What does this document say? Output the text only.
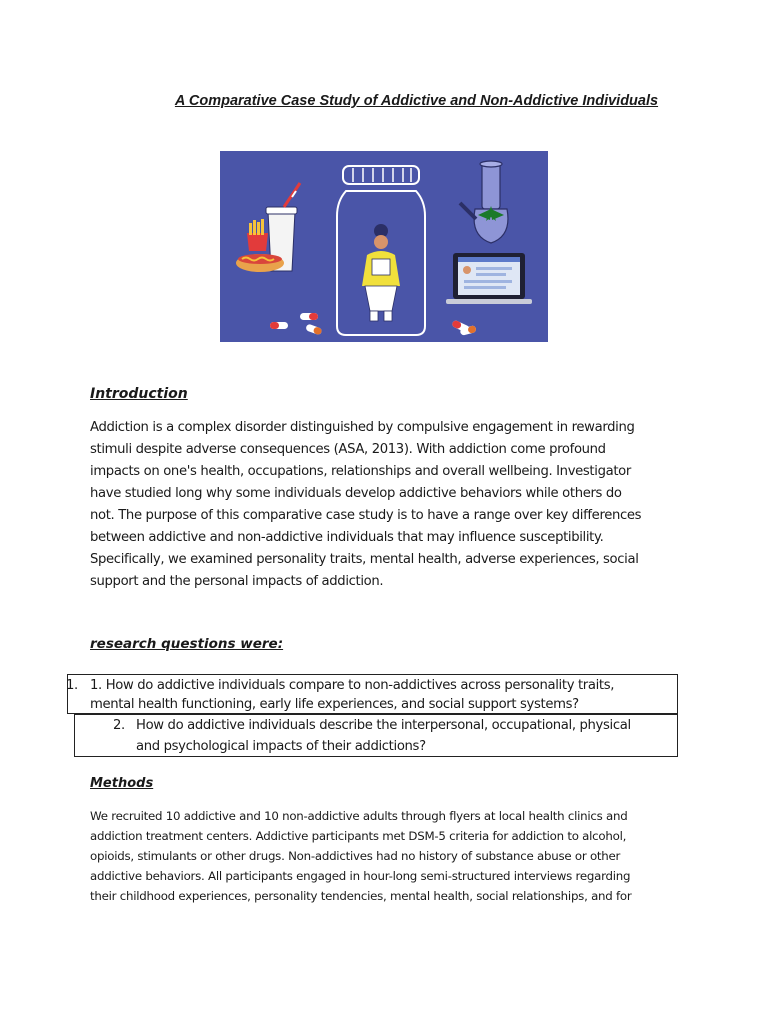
A Comparative Case Study of Addictive and Non-Addictive Individuals
Introduction
Addiction is a complex disorder distinguished by compulsive engagement in rewarding
stimuli despite adverse consequences (ASA, 2013). With addiction come profound
impacts on one's health, occupations, relationships and overall wellbeing. Investigator
have studied long why some individuals develop addictive behaviors while others do
not. The purpose of this comparative case study is to have a range over key differences
between addictive and non-addictive individuals that may influence susceptibility.
Specifically, we examined personality traits, mental health, adverse experiences, social
support and the personal impacts of addiction.
research questions were:
1. 1. How do addictive individuals compare to non-addictives across personality traits,
mental health functioning, early life experiences, and social support systems?
2. How do addictive individuals describe the interpersonal, occupational, physical
and psychological impacts of their addictions?
Methods
We recruited 10 addictive and 10 non-addictive adults through flyers at local health clinics and
addiction treatment centers. Addictive participants met DSM-5 criteria for addiction to alcohol,
opioids, stimulants or other drugs. Non-addictives had no history of substance abuse or other
addictive behaviors. All participants engaged in hour-long semi-structured interviews regarding
their childhood experiences, personality tendencies, mental health, social relationships, and for
